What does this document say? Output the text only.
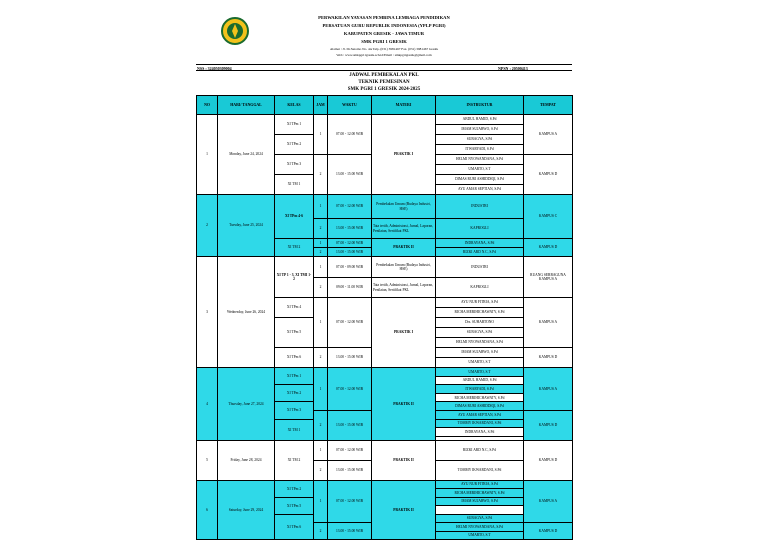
PERWAKILAN YAYASAN PEMBINA LEMBAGA PENDIDIKAN
PERSATUAN GURU REPUBLIK INDONESIA (YPLP PGRI)
KABUPATEN GRESIK - JAWA TIMUR
SMK PGRI 1 GRESIK
Alamat : Jl. Dr.Sutomo No. 4A Telp. (031) 3981467 Fax. (031) 3981467 Gresik
Web : www.smkpgri1gresik.sch.id/Email : smkpgrigresik@gmail.com
NSS : 324050309004	NPSN : 20500413
JADWAL PEMBEKALAN PKL
TEKNIK PEMESINAN
SMK PGRI 1 GRESIK 2024-2025
NO	HARI/ TANGGAL	KELAS	JAM	WAKTU	MATERI	INSTRUKTUR	TEMPAT
1	Monday, June 24, 2024	XI TPm 1	1	07.00 - 12.00 WIB	PRAKTIK I	ABDUL HAMID, S.Pd	KAMPUS A
						IMAM SUJARWO, S.Pd	
		XI TPm 2				SUBAGYA, S.Pd	
						ITWARYADI, S.Pd	
		XI TPm 3	2	13.00 - 15.00 WIB		HELMI NYOWANDANA, S.Pd	KAMPUS D
						UMARTO, S.T	
		XI TM 1				DIMAS RURI ASHIDDIQI, S.Pd	
						AYU AMAR SEPTIAN, S.Pd	
2	Tuesday, June 25, 2024	XI TPm 4-6	1	07.00 - 12.00 WIB	Pembekalan Umum (Budaya Industri, HSE)	INDUSTRI	KAMPUS C
			2	13.00 - 15.00 WIB	Tata tertib, Administrasi, Jurnal, Laporan, Penilaian, Sertifikat PKL	KAPROGLI	
		XI TM 2	1	07.00 - 12.00 WIB	PRAKTIK II	INDRAYANA, S.Pd	KAMPUS D
			2	13.00 - 15.00 WIB		RIZKI ARD N.C, S.Pd	
3	Wednesday, June 26, 2024	XI TP 1 - 3, XI TMI 1-2	1	07.00 - 09.00 WIB	Pembekalan Umum (Budaya Industri, HSE)	INDUSTRI	RUANG SERBAGUNA KAMPUS A
			2	09.00 - 11.00 WIB	Tata tertib, Administrasi, Jurnal, Laporan, Penilaian, Sertifikat PKL	KAPROGLI	
		XI TPm 4	1	07.00 - 12.00 WIB	PRAKTIK I	AYU NUR FITRIA, S.Pd	KAMPUS A
						RICHA MERIHICHAWATY, S.Pd	
		XI TPm 5				Drs. SUHARTONO	
						SUBAGYA, S.Pd	
						HELMI NYOWANDANA, S.Pd	
		XI TPm 6	2	13.00 - 15.00 WIB		IMAM SUJARWO, S.Pd	KAMPUS D
						UMARTO, S.T	
4	Thursday, June 27, 2024	XI TPm 1	1	07.00 - 12.00 WIB	PRAKTIK II	UMARTO, S.T	KAMPUS A
						ABDUL HAMID, S.Pd	
		XI TPm 2				ITWARYADI, S.Pd	
						RICHA MERIHICHAWATY, S.Pd	
		XI TPm 3				DIMAS RURI ASHIDDIQI, S.Pd	
			2	13.00 - 15.00 WIB		AYU AMAR SEPTIAN, S.Pd	KAMPUS D
		XI TM 1				TOMMY IKWARDANI, S.Pd	
						INDRAYANA, S.Pd	

5	Friday, June 28, 2024	XI TM 2	1	07.00 - 12.00 WIB	PRAKTIK II	RIZKI ARD N.C, S.Pd	KAMPUS D
			2	13.00 - 15.00 WIB		TOMMY IKWARDANI, S.Pd	
6	Saturday, June 29, 2024	XI TPm 2	1	07.00 - 12.00 WIB	PRAKTIK II	AYU NUR FITRIA, S.Pd	KAMPUS A
						RICHA MERIHICHAWATY, S.Pd	
		XI TPm 5				IMAM SUJARWO, S.Pd	

		XI TPm 6				SUBAGYA, S.Pd	
			2	13.00 - 15.00 WIB		HELMI NYOWANDANA, S.Pd	KAMPUS D
						UMARTO, S.T	
